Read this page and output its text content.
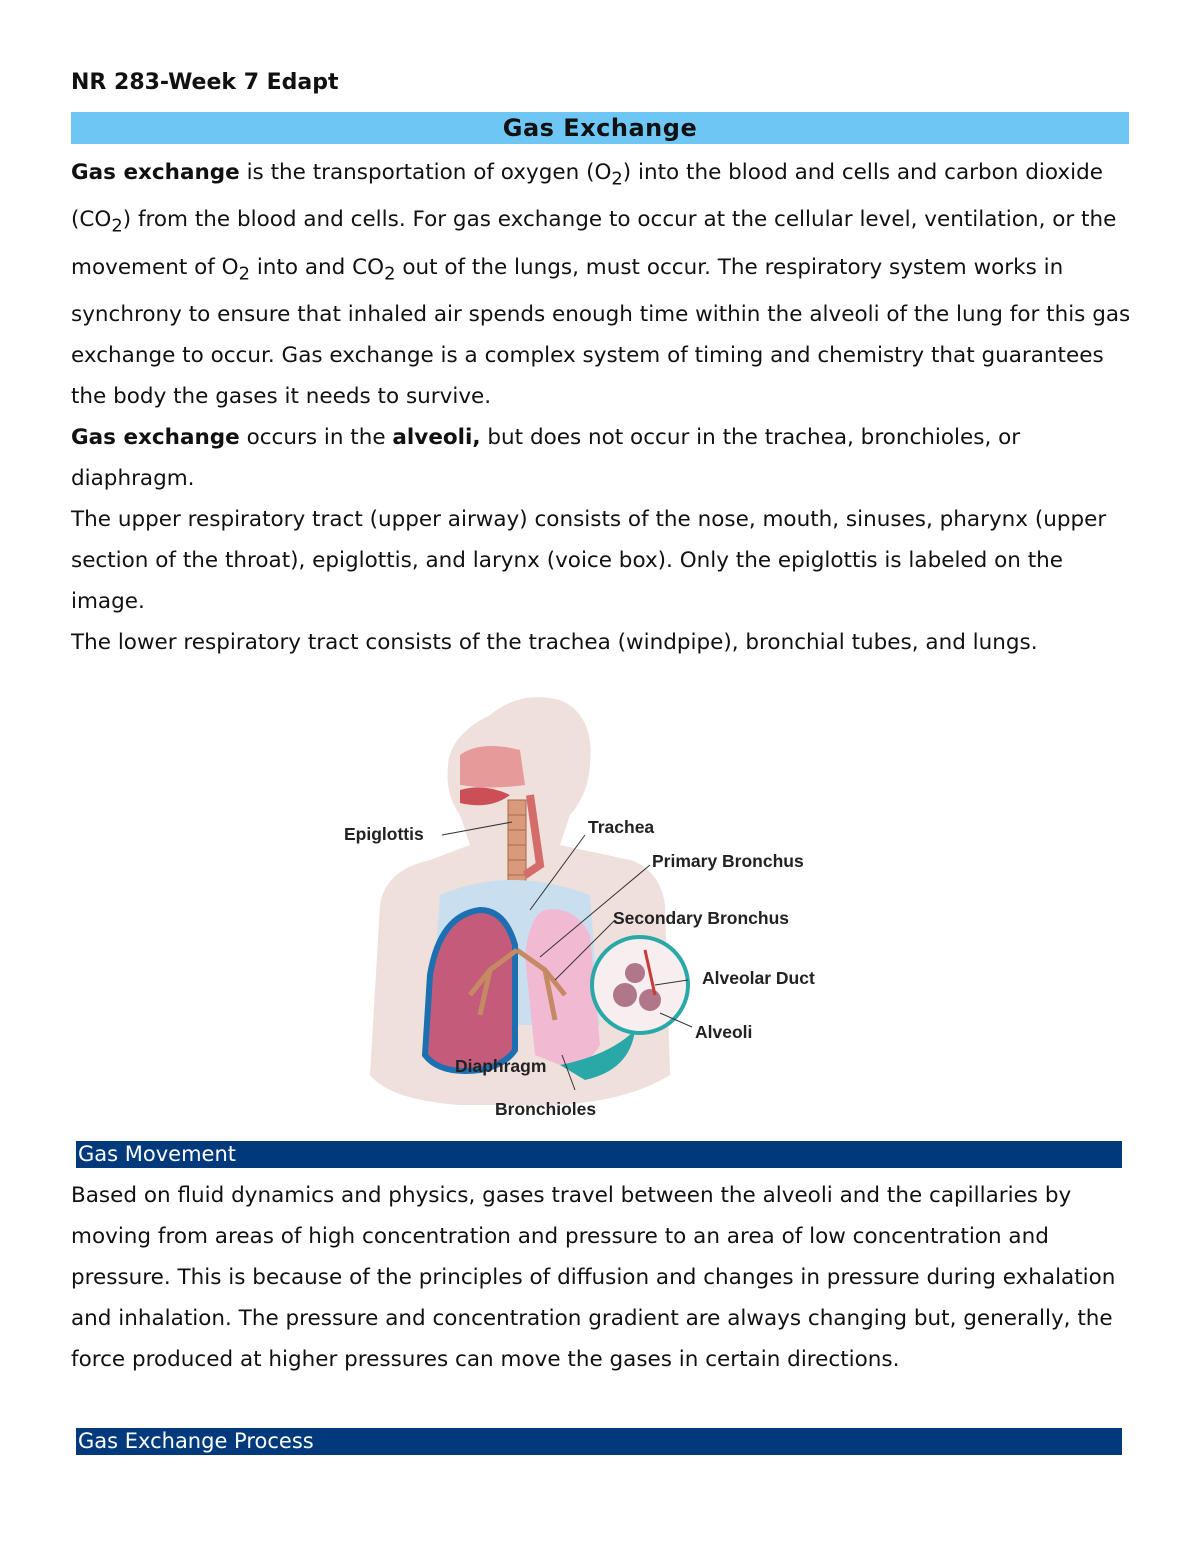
NR 283-Week 7 Edapt
Gas Exchange

Gas exchange is the transportation of oxygen $(O_2)$ into the blood and cells and carbon dioxide $(CO_2)$ from the blood and cells. For gas exchange to occur at the cellular level, ventilation, or the movement of $O_2$ into and $CO_2$ out of the lungs, must occur. The respiratory system works in synchrony to ensure that inhaled air spends enough time within the alveoli of the lung for this gas exchange to occur. Gas exchange is a complex system of timing and chemistry that guarantees the body the gases it needs to survive.
Gas exchange occurs in the alveoli, but does not occur in the trachea, bronchioles, or diaphragm.
The upper respiratory tract (upper airway) consists of the nose, mouth, sinuses, pharynx (upper section of the throat), epiglottis, and larynx (voice box). Only the epiglottis is labeled on the image.
The lower respiratory tract consists of the trachea (windpipe), bronchial tubes, and lungs.

Epiglottis	Trachea
Primary Bronchus
Secondary Bronchus
Alveolar Duct
Alveoli
Diaphragm
Bronchioles
Gas Movement

Based on fluid dynamics and physics, gases travel between the alveoli and the capillaries by moving from areas of high concentration and pressure to an area of low concentration and pressure. This is because of the principles of diffusion and changes in pressure during exhalation and inhalation. The pressure and concentration gradient are always changing but, generally, the force produced at higher pressures can move the gases in certain directions.

Gas Exchange Process
